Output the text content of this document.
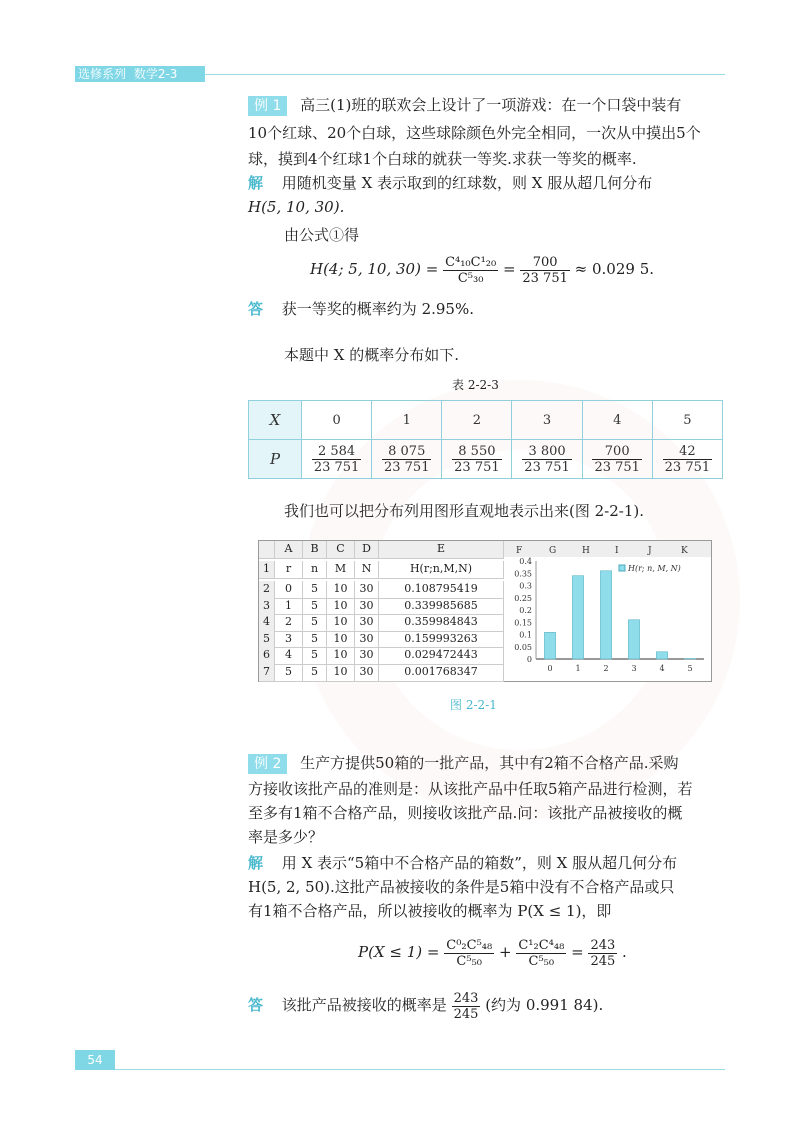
选修系列 数学2-3
例 1 高三(1)班的联欢会上设计了一项游戏：在一个口袋中装有
10个红球、20个白球，这些球除颜色外完全相同，一次从中摸出5个
球，摸到4个红球1个白球的就获一等奖.求获一等奖的概率.
解 用随机变量 X 表示取到的红球数，则 X 服从超几何分布
H(5, 10, 30).
由公式①得
H(4; 5, 10, $30) = \frac{\text{C⁴₁₀C¹₂₀}}{\text{C⁵₃₀}} = \frac{700}{23 751} \approx 0.029$ 5.
答 获一等奖的概率约为 2.95%.
本题中 X 的概率分布如下.
表 2-2-3
X	0	1	2	3	4	5
P	$\frac{2 584}{23 751}$	$\frac{8 075}{23 751}$	$\frac{8 550}{23 751}$	$\frac{3 800}{23 751}$	$\frac{700}{23 751}$	$\frac{42}{23 751}$
我们也可以把分布列用图形直观地表示出来(图 2-2-1).
A	B	C	D	E
1	r	n	M	N	H(r;n,M,N)
2	0	5	10	30	0.108795419
3	1	5	10	30	0.339985685
4	2	5	10	30	0.359984843
5	3	5	10	30	0.159993263
6	4	5	10	30	0.029472443
7	5	5	10	30	0.001768347
F	G	H	I	J	K
0.4
0.35
0.3
0.25
0.2
0.15
0.1
0.05
0
0	1	2	3	4	5
H(r; n, M, N)
图 2-2-1
例 2 生产方提供50箱的一批产品，其中有2箱不合格产品.采购
方接收该批产品的准则是：从该批产品中任取5箱产品进行检测，若
至多有1箱不合格产品，则接收该批产品.问：该批产品被接收的概
率是多少？
解 用 X 表示“5箱中不合格产品的箱数”，则 X 服从超几何分布
H(5, 2, 50).这批产品被接收的条件是5箱中没有不合格产品或只
有1箱不合格产品，所以被接收的概率为 P(X ≤ 1)，即
$P(X \le 1) = \frac{\text{C⁰₂C⁵₄₈}}{\text{C⁵₅₀}} + \frac{\text{C¹₂C⁴₄₈}}{\text{C⁵₅₀}} = \frac{243}{245}$ .
答 该批产品被接收的概率是 $\frac{243}{245}$ (约为 0.991 84).
54
